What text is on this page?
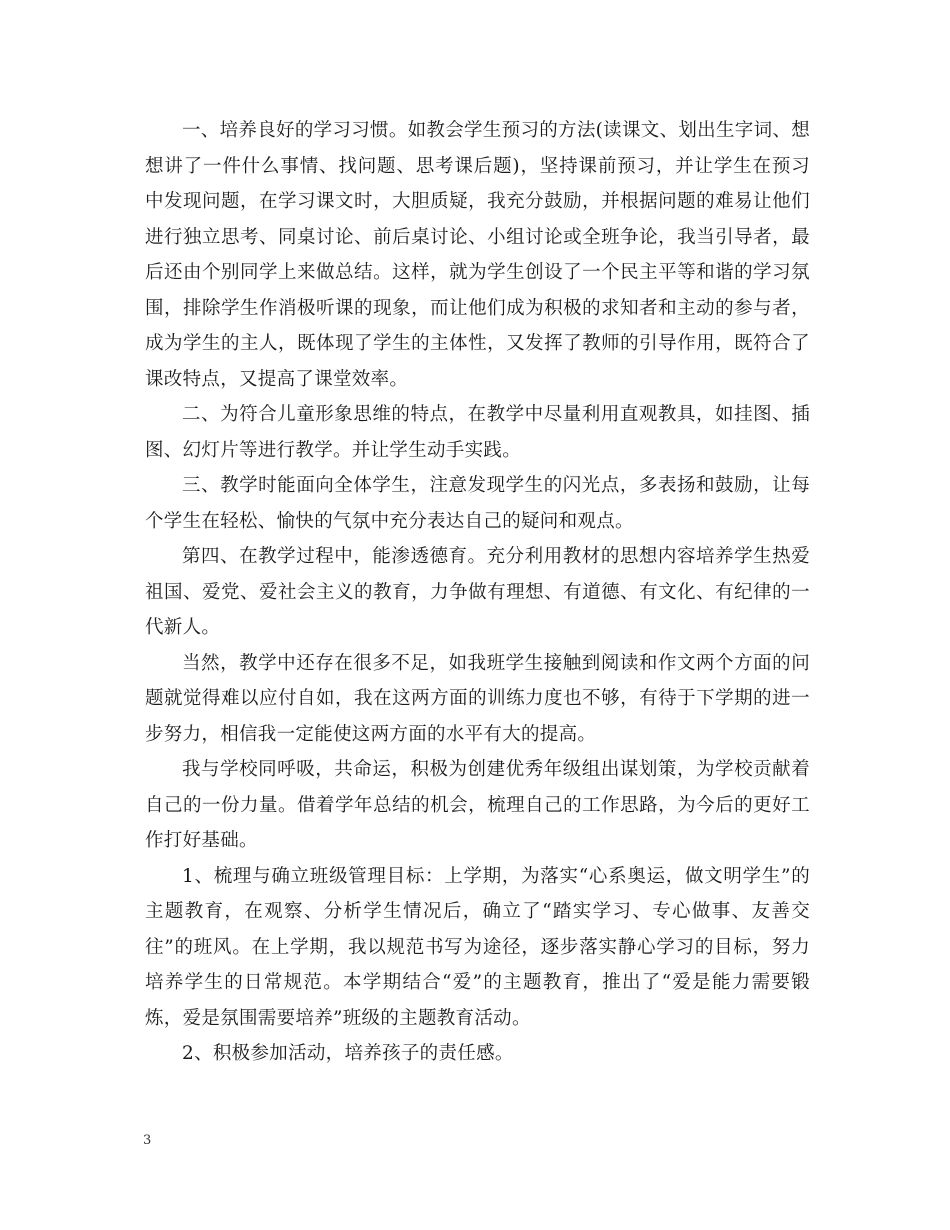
一、培养良好的学习习惯。如教会学生预习的方法(读课文、划出生字词、想想讲了一件什么事情、找问题、思考课后题)，坚持课前预习，并让学生在预习中发现问题，在学习课文时，大胆质疑，我充分鼓励，并根据问题的难易让他们进行独立思考、同桌讨论、前后桌讨论、小组讨论或全班争论，我当引导者，最后还由个别同学上来做总结。这样，就为学生创设了一个民主平等和谐的学习氛围，排除学生作消极听课的现象，而让他们成为积极的求知者和主动的参与者，成为学生的主人，既体现了学生的主体性，又发挥了教师的引导作用，既符合了课改特点，又提高了课堂效率。

二、为符合儿童形象思维的特点，在教学中尽量利用直观教具，如挂图、插图、幻灯片等进行教学。并让学生动手实践。

三、教学时能面向全体学生，注意发现学生的闪光点，多表扬和鼓励，让每个学生在轻松、愉快的气氛中充分表达自己的疑问和观点。

第四、在教学过程中，能渗透德育。充分利用教材的思想内容培养学生热爱祖国、爱党、爱社会主义的教育，力争做有理想、有道德、有文化、有纪律的一代新人。

当然，教学中还存在很多不足，如我班学生接触到阅读和作文两个方面的问题就觉得难以应付自如，我在这两方面的训练力度也不够，有待于下学期的进一步努力，相信我一定能使这两方面的水平有大的提高。

我与学校同呼吸，共命运，积极为创建优秀年级组出谋划策，为学校贡献着自己的一份力量。借着学年总结的机会，梳理自己的工作思路，为今后的更好工作打好基础。

1、梳理与确立班级管理目标：上学期，为落实“心系奥运，做文明学生”的主题教育，在观察、分析学生情况后，确立了“踏实学习、专心做事、友善交往”的班风。在上学期，我以规范书写为途径，逐步落实静心学习的目标，努力培养学生的日常规范。本学期结合“爱”的主题教育，推出了“爱是能力需要锻炼，爱是氛围需要培养”班级的主题教育活动。

2、积极参加活动，培养孩子的责任感。

3
